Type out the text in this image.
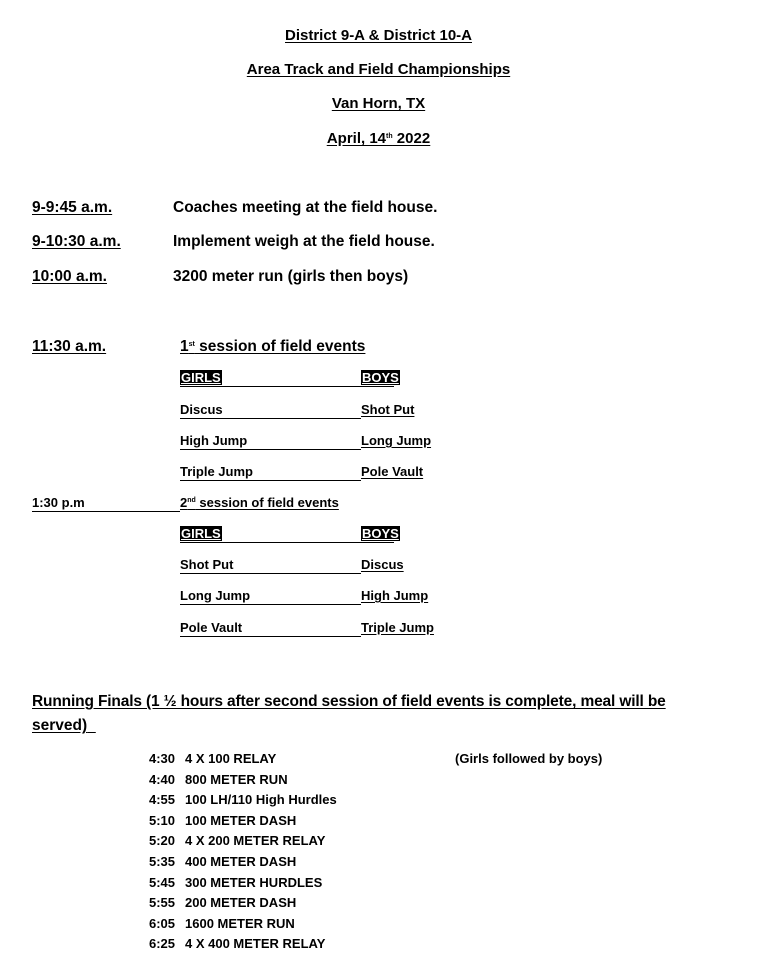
District 9-A & District 10-A
Area Track and Field Championships
Van Horn, TX
April, 14th 2022
9-9:45 a.m.	Coaches meeting at the field house.
9-10:30 a.m.	Implement weigh at the field house.
10:00 a.m.	3200 meter run (girls then boys)
11:30 a.m.	1st session of field events
GIRLS	BOYS
Discus	Shot Put
High Jump	Long Jump
Triple Jump	Pole Vault
1:30 p.m	2nd session of field events
GIRLS	BOYS
Shot Put	Discus
Long Jump	High Jump
Pole Vault	Triple Jump
Running Finals (1 ½ hours after second session of field events is complete, meal will be
served)
(Girls followed by boys)
4:30 4 X 100 RELAY
4:40 800 METER RUN
4:55 100 LH/110 High Hurdles
5:10 100 METER DASH
5:20 4 X 200 METER RELAY
5:35 400 METER DASH
5:45 300 METER HURDLES
5:55 200 METER DASH
6:05 1600 METER RUN
6:25 4 X 400 METER RELAY
